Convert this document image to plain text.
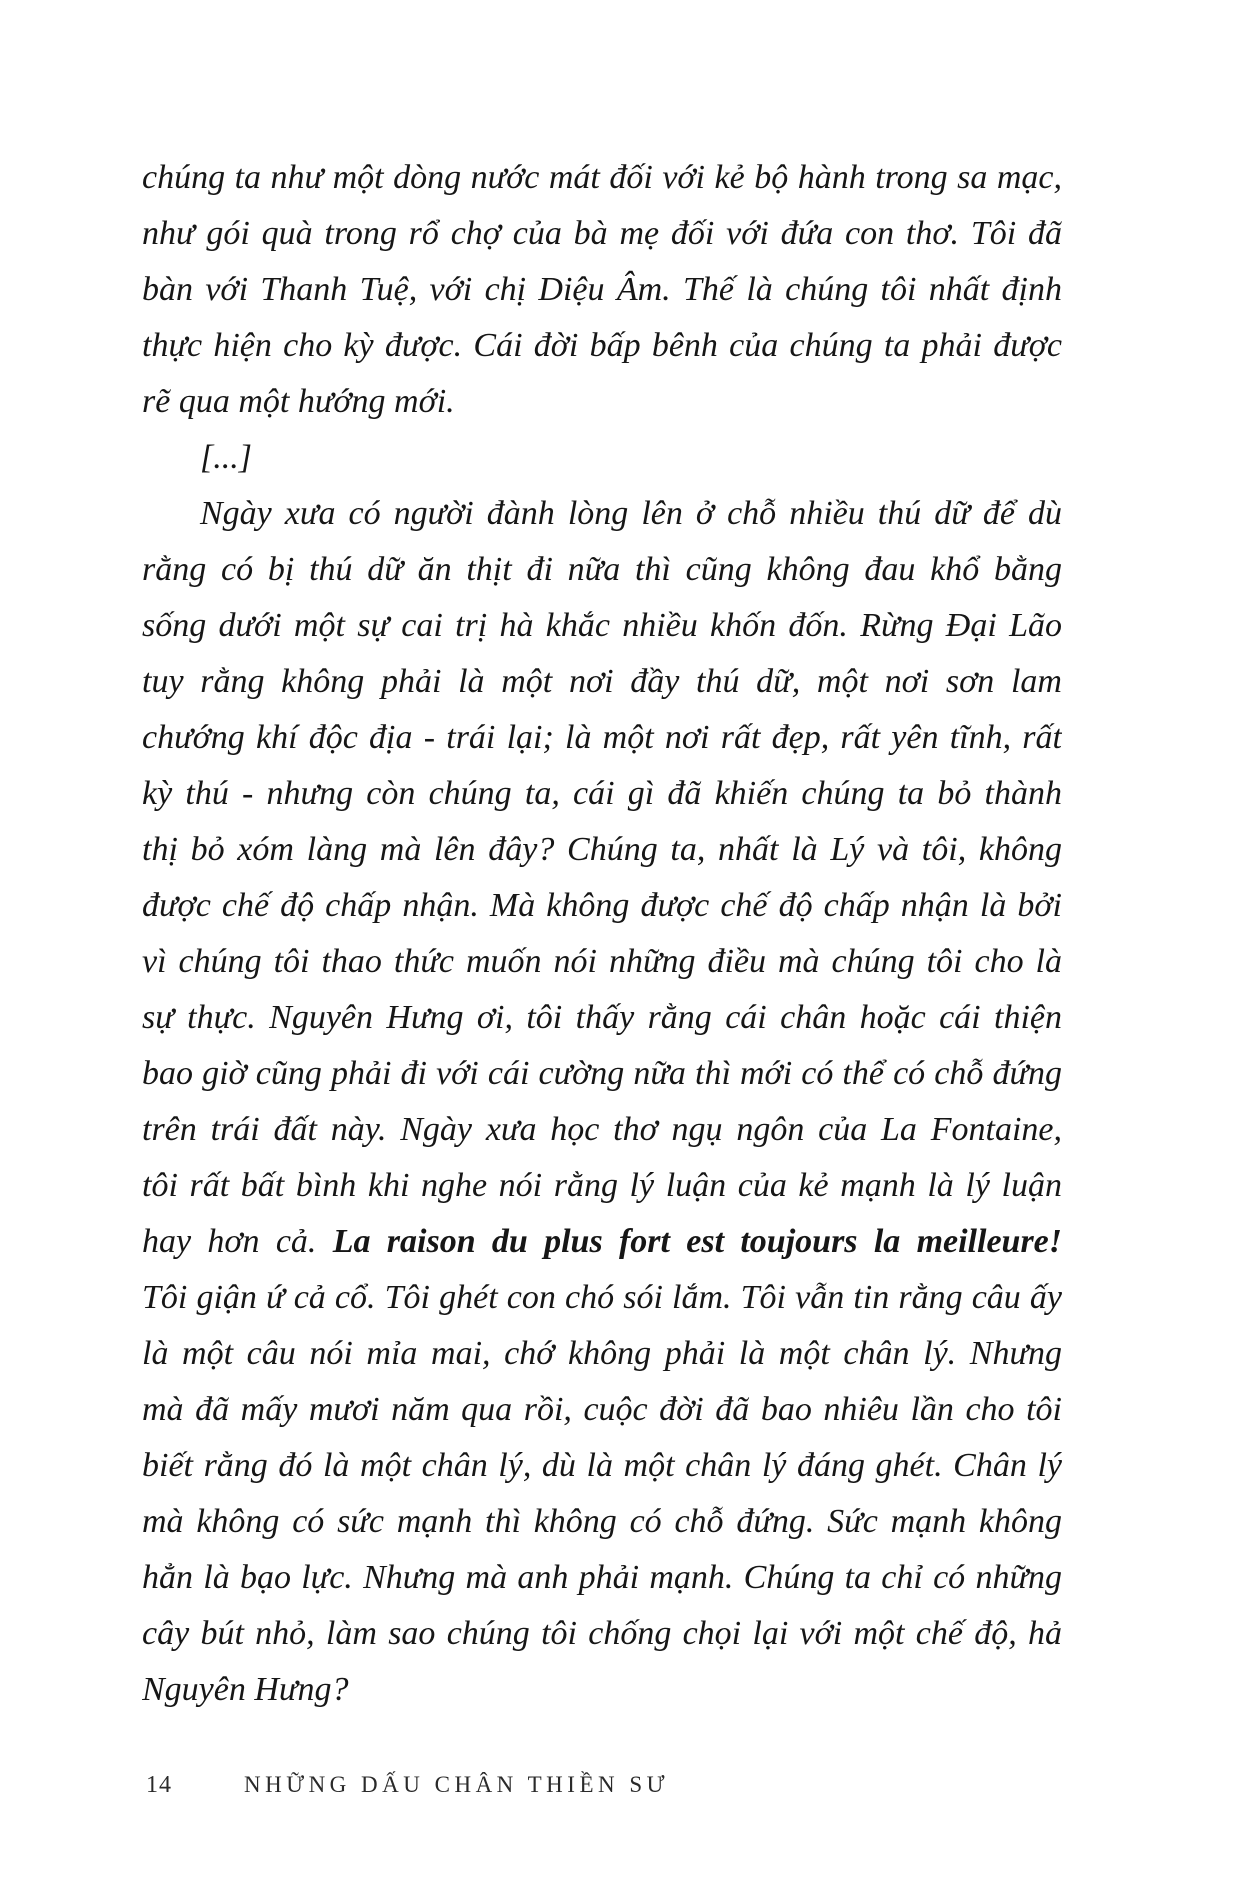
chúng ta như một dòng nước mát đối với kẻ bộ hành trong sa mạc,
như gói quà trong rổ chợ của bà mẹ đối với đứa con thơ. Tôi đã
bàn với Thanh Tuệ, với chị Diệu Âm. Thế là chúng tôi nhất định
thực hiện cho kỳ được. Cái đời bấp bênh của chúng ta phải được
rẽ qua một hướng mới.
[...]
Ngày xưa có người đành lòng lên ở chỗ nhiều thú dữ để dù
rằng có bị thú dữ ăn thịt đi nữa thì cũng không đau khổ bằng
sống dưới một sự cai trị hà khắc nhiều khốn đốn. Rừng Đại Lão
tuy rằng không phải là một nơi đầy thú dữ, một nơi sơn lam
chướng khí độc địa - trái lại; là một nơi rất đẹp, rất yên tĩnh, rất
kỳ thú - nhưng còn chúng ta, cái gì đã khiến chúng ta bỏ thành
thị bỏ xóm làng mà lên đây? Chúng ta, nhất là Lý và tôi, không
được chế độ chấp nhận. Mà không được chế độ chấp nhận là bởi
vì chúng tôi thao thức muốn nói những điều mà chúng tôi cho là
sự thực. Nguyên Hưng ơi, tôi thấy rằng cái chân hoặc cái thiện
bao giờ cũng phải đi với cái cường nữa thì mới có thể có chỗ đứng
trên trái đất này. Ngày xưa học thơ ngụ ngôn của La Fontaine,
tôi rất bất bình khi nghe nói rằng lý luận của kẻ mạnh là lý luận
hay hơn cả. La raison du plus fort est toujours la meilleure!
Tôi giận ứ cả cổ. Tôi ghét con chó sói lắm. Tôi vẫn tin rằng câu ấy
là một câu nói mỉa mai, chớ không phải là một chân lý. Nhưng
mà đã mấy mươi năm qua rồi, cuộc đời đã bao nhiêu lần cho tôi
biết rằng đó là một chân lý, dù là một chân lý đáng ghét. Chân lý
mà không có sức mạnh thì không có chỗ đứng. Sức mạnh không
hẳn là bạo lực. Nhưng mà anh phải mạnh. Chúng ta chỉ có những
cây bút nhỏ, làm sao chúng tôi chống chọi lại với một chế độ, hả
Nguyên Hưng?
14	NHỮNG DẤU CHÂN THIỀN SƯ
